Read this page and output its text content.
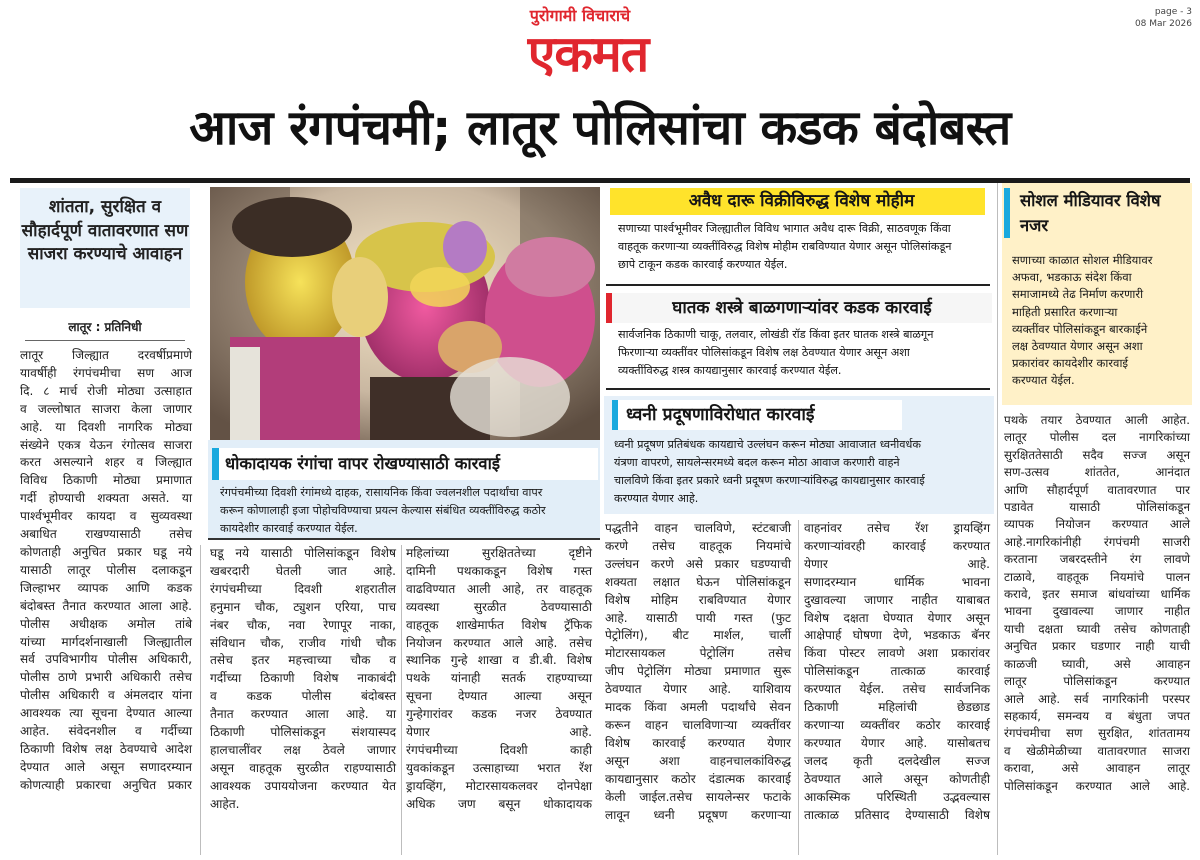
पुरोगामी विचाराचे
एकमत
page - 3
08 Mar 2026
आज रंगपंचमी; लातूर पोलिसांचा कडक बंदोबस्त
शांतता, सुरक्षित व सौहार्दपूर्ण वातावरणात सण साजरा करण्याचे आवाहन
लातूर : प्रतिनिधी
लातूर जिल्ह्यात दरवर्षीप्रमाणे
यावर्षीही रंगपंचमीचा सण आज
दि. ८ मार्च रोजी मोठ्या उत्साहात
व जल्लोषात साजरा केला जाणार
आहे. या दिवशी नागरिक मोठ्या
संख्येने एकत्र येऊन रंगोत्सव साजरा
करत असल्याने शहर व जिल्ह्यात
विविध ठिकाणी मोठ्या प्रमाणात
गर्दी होण्याची शक्यता असते. या
पार्श्वभूमीवर कायदा व सुव्यवस्था
अबाधित राखण्यासाठी तसेच
कोणताही अनुचित प्रकार घडू नये
यासाठी लातूर पोलीस दलाकडून
जिल्हाभर व्यापक आणि कडक
बंदोबस्त तैनात करण्यात आला आहे.
पोलीस अधीक्षक अमोल तांबे
यांच्या मार्गदर्शनाखाली जिल्ह्यातील
सर्व उपविभागीय पोलीस अधिकारी,
पोलीस ठाणे प्रभारी अधिकारी तसेच
पोलीस अधिकारी व अंमलदार यांना
आवश्यक त्या सूचना देण्यात आल्या
आहेत. संवेदनशील व गर्दीच्या
ठिकाणी विशेष लक्ष ठेवण्याचे आदेश
देण्यात आले असून सणादरम्यान
कोणत्याही प्रकारचा अनुचित प्रकार
धोकादायक रंगांचा वापर रोखण्यासाठी कारवाई
रंगपंचमीच्या दिवशी रंगांमध्ये दाहक, रासायनिक किंवा ज्वलनशील पदार्थांचा वापर
करून कोणालाही इजा पोहोचविण्याचा प्रयत्न केल्यास संबंधित व्यक्तींविरुद्ध कठोर
कायदेशीर कारवाई करण्यात येईल.
घडू नये यासाठी पोलिसांकडून विशेष
खबरदारी घेतली जात आहे.
रंगपंचमीच्या दिवशी शहरातील
हनुमान चौक, ट्युशन एरिया, पाच
नंबर चौक, नवा रेणापूर नाका,
संविधान चौक, राजीव गांधी चौक
तसेच इतर महत्त्वाच्या चौक व
गर्दीच्या ठिकाणी विशेष नाकाबंदी
व कडक पोलीस बंदोबस्त
तैनात करण्यात आला आहे. या
ठिकाणी पोलिसांकडून संशयास्पद
हालचालींवर लक्ष ठेवले जाणार
असून वाहतूक सुरळीत राहण्यासाठी
आवश्यक उपाययोजना करण्यात येत
आहेत.
महिलांच्या सुरक्षिततेच्या दृष्टीने
दामिनी पथकाकडून विशेष गस्त
वाढविण्यात आली आहे, तर वाहतूक
व्यवस्था सुरळीत ठेवण्यासाठी
वाहतूक शाखेमार्फत विशेष ट्रॅफिक
नियोजन करण्यात आले आहे. तसेच
स्थानिक गुन्हे शाखा व डी.बी. विशेष
पथके यांनाही सतर्क राहण्याच्या
सूचना देण्यात आल्या असून
गुन्हेगारांवर कडक नजर ठेवण्यात
येणार आहे.
रंगपंचमीच्या दिवशी काही
युवकांकडून उत्साहाच्या भरात रॅश
ड्रायव्हिंग, मोटारसायकलवर दोनपेक्षा
अधिक जण बसून धोकादायक
पद्धतीने वाहन चालविणे, स्टंटबाजी
करणे तसेच वाहतूक नियमांचे
उल्लंघन करणे असे प्रकार घडण्याची
शक्यता लक्षात घेऊन पोलिसांकडून
विशेष मोहिम राबविण्यात येणार
आहे. यासाठी पायी गस्त (फुट
पेट्रोलिंग), बीट मार्शल, चार्ली
मोटारसायकल पेट्रोलिंग तसेच
जीप पेट्रोलिंग मोठ्या प्रमाणात सुरू
ठेवण्यात येणार आहे. याशिवाय
मादक किंवा अमली पदार्थांचे सेवन
करून वाहन चालविणाऱ्या व्यक्तींवर
विशेष कारवाई करण्यात येणार
असून अशा वाहनचालकांविरुद्ध
कायद्यानुसार कठोर दंडात्मक कारवाई
केली जाईल.तसेच सायलेन्सर फटाके
लावून ध्वनी प्रदूषण करणाऱ्या
वाहनांवर तसेच रॅश ड्रायव्हिंग
करणाऱ्यांवरही कारवाई करण्यात
येणार आहे.
सणादरम्यान धार्मिक भावना
दुखावल्या जाणार नाहीत याबाबत
विशेष दक्षता घेण्यात येणार असून
आक्षेपार्ह घोषणा देणे, भडकाऊ बॅनर
किंवा पोस्टर लावणे अशा प्रकारांवर
पोलिसांकडून तात्काळ कारवाई
करण्यात येईल. तसेच सार्वजनिक
ठिकाणी महिलांची छेडछाड
करणाऱ्या व्यक्तींवर कठोर कारवाई
करण्यात येणार आहे. यासोबतच
जलद कृती दलदेखील सज्ज
ठेवण्यात आले असून कोणतीही
आकस्मिक परिस्थिती उद्भवल्यास
तात्काळ प्रतिसाद देण्यासाठी विशेष
पथके तयार ठेवण्यात आली आहेत.
लातूर पोलीस दल नागरिकांच्या
सुरक्षिततेसाठी सदैव सज्ज असून
सण-उत्सव शांततेत, आनंदात
आणि सौहार्दपूर्ण वातावरणात पार
पडावेत यासाठी पोलिसांकडून
व्यापक नियोजन करण्यात आले
आहे.नागरिकांनीही रंगपंचमी साजरी
करताना जबरदस्तीने रंग लावणे
टाळावे, वाहतूक नियमांचे पालन
करावे, इतर समाज बांधवांच्या धार्मिक
भावना दुखावल्या जाणार नाहीत
याची दक्षता घ्यावी तसेच कोणताही
अनुचित प्रकार घडणार नाही याची
काळजी घ्यावी, असे आवाहन
लातूर पोलिसांकडून करण्यात
आले आहे. सर्व नागरिकांनी परस्पर
सहकार्य, समन्वय व बंधुता जपत
रंगपंचमीचा सण सुरक्षित, शांततामय
व खेळीमेळीच्या वातावरणात साजरा
करावा, असे आवाहन लातूर
पोलिसांकडून करण्यात आले आहे.
अवैध दारू विक्रीविरुद्ध विशेष मोहीम
सणाच्या पार्श्वभूमीवर जिल्ह्यातील विविध भागात अवैध दारू विक्री, साठवणूक किंवा
वाहतूक करणाऱ्या व्यक्तींविरुद्ध विशेष मोहीम राबविण्यात येणार असून पोलिसांकडून
छापे टाकून कडक कारवाई करण्यात येईल.
घातक शस्त्रे बाळगणाऱ्यांवर कडक कारवाई
सार्वजनिक ठिकाणी चाकू, तलवार, लोखंडी रॉड किंवा इतर घातक शस्त्रे बाळगून
फिरणाऱ्या व्यक्तींवर पोलिसांकडून विशेष लक्ष ठेवण्यात येणार असून अशा
व्यक्तींविरुद्ध शस्त्र कायद्यानुसार कारवाई करण्यात येईल.
ध्वनी प्रदूषणाविरोधात कारवाई
ध्वनी प्रदूषण प्रतिबंधक कायद्याचे उल्लंघन करून मोठ्या आवाजात ध्वनीवर्धक
यंत्रणा वापरणे, सायलेन्सरमध्ये बदल करून मोठा आवाज करणारी वाहने
चालविणे किंवा इतर प्रकारे ध्वनी प्रदूषण करणाऱ्यांविरुद्ध कायद्यानुसार कारवाई
करण्यात येणार आहे.
सोशल मीडियावर विशेष नजर
सणाच्या काळात सोशल मीडियावर
अफवा, भडकाऊ संदेश किंवा
समाजामध्ये तेढ निर्माण करणारी
माहिती प्रसारित करणाऱ्या
व्यक्तींवर पोलिसांकडून बारकाईने
लक्ष ठेवण्यात येणार असून अशा
प्रकारांवर कायदेशीर कारवाई
करण्यात येईल.
